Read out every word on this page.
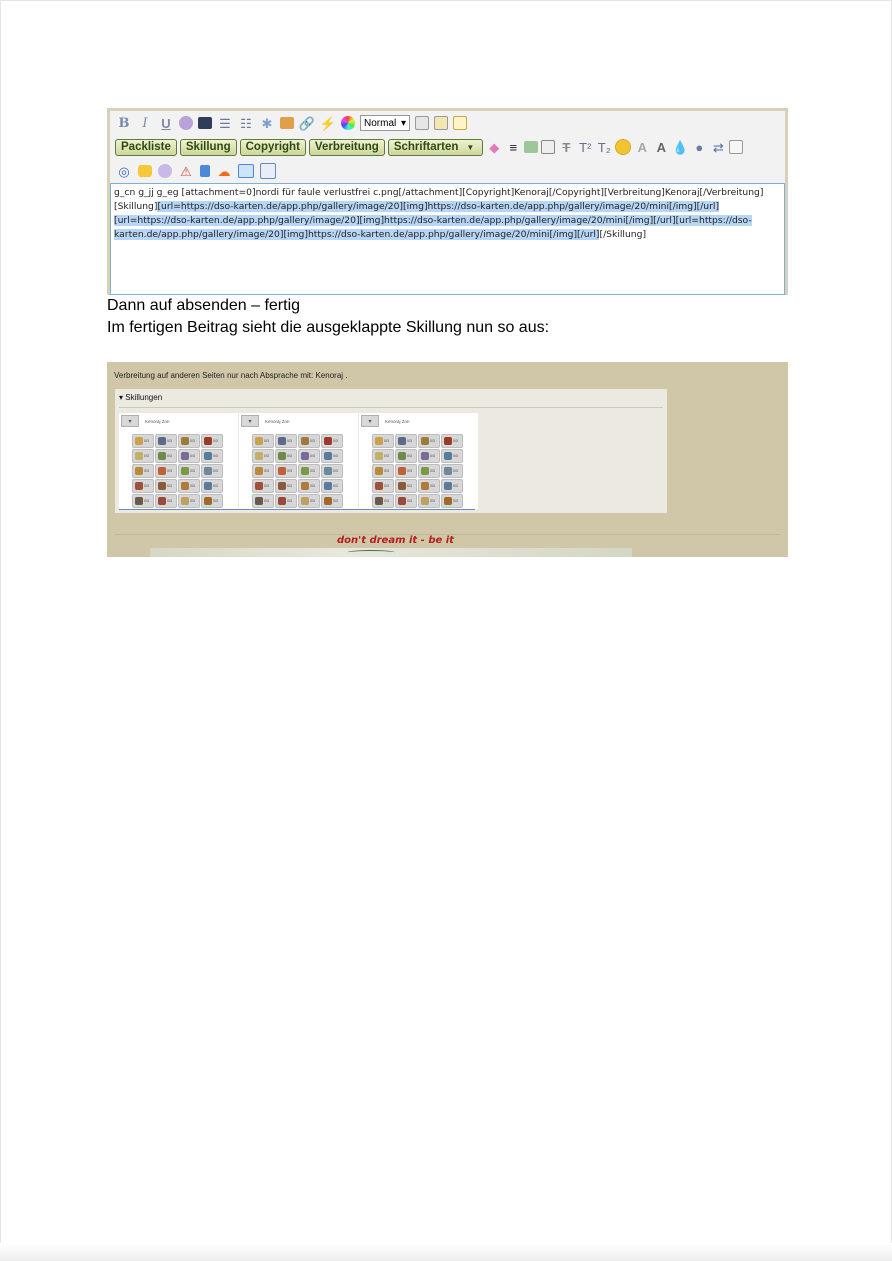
B I	U	☰ ☷ ✱ 🔗 ⚡	Normal ▾
Packliste	Skillung	Copyright	Verbreitung	Schriftarten ▼ ◆ ≡	T T² T₂ A A 💧 ● ⇄
◎	⚠ ☁
g_cn g_jj g_eg [attachment=0]nordi für faule verlustfrei c.png[/attachment][Copyright]Kenoraj[/Copyright][Verbreitung]Kenoraj[/Verbreitung]
[Skillung][url=https://dso-karten.de/app.php/gallery/image/20][img]https://dso-karten.de/app.php/gallery/image/20/mini[/img][/url][url=https://dso-karten.de/app.php/gallery/image/20][img]https://dso-karten.de/app.php/gallery/image/20/mini[/img][/url][url=https://dso-karten.de/app.php/gallery/image/20][img]https://dso-karten.de/app.php/gallery/image/20/mini[/img][/url][/Skillung]
Dann auf absenden – fertig
Im fertigen Beitrag sieht die ausgeklappte Skillung nun so aus:
Verbreitung auf anderen Seiten nur nach Absprache mit: Kenoraj .
▾ Skillungen
▾	Kenoraj Zon
0/3	0/3	0/3	0/3
0/3	0/3	0/3	0/3
0/3	0/3	0/3	0/3
0/3	0/3	0/3	0/3
0/3	0/3	0/3	0/3
▾	Kenoraj Zon
0/3	0/3	0/3	0/3
0/3	0/3	0/3	0/3
0/3	0/3	0/3	0/3
0/3	0/3	0/3	0/3
0/3	0/3	0/3	0/3
▾	Kenoraj Zon
0/3	0/3	0/3	0/3
0/3	0/3	0/3	0/3
0/3	0/3	0/3	0/3
0/3	0/3	0/3	0/3
0/3	0/3	0/3	0/3
don't dream it - be it
